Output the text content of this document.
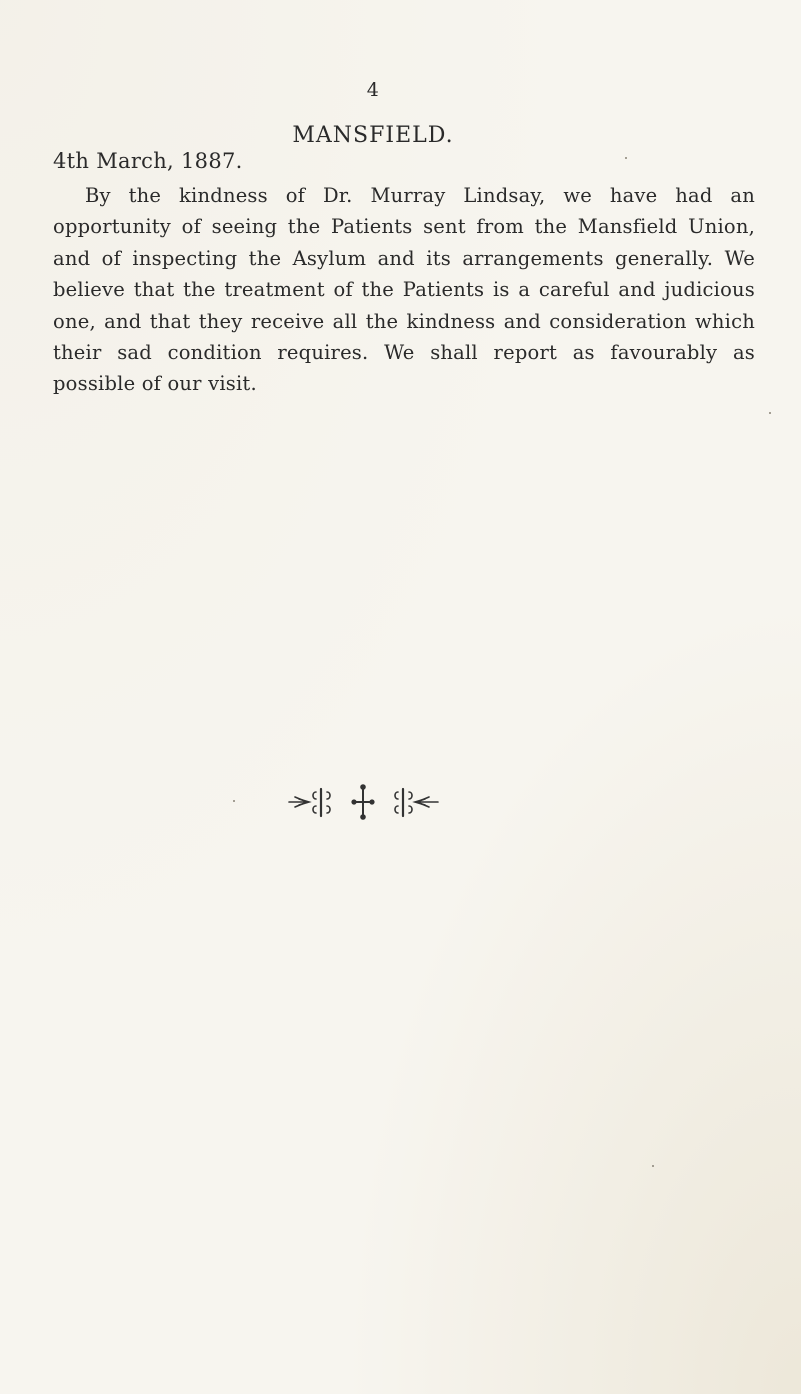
4
MANSFIELD.
4th March, 1887.

By the kindness of Dr. Murray Lindsay, we have had an opportunity of seeing the Patients sent from the Mansfield Union, and of inspecting the Asylum and its arrangements generally. We believe that the treatment of the Patients is a careful and judicious one, and that they receive all the kindness and consideration which their sad condition requires. We shall report as favourably as possible of our visit.
